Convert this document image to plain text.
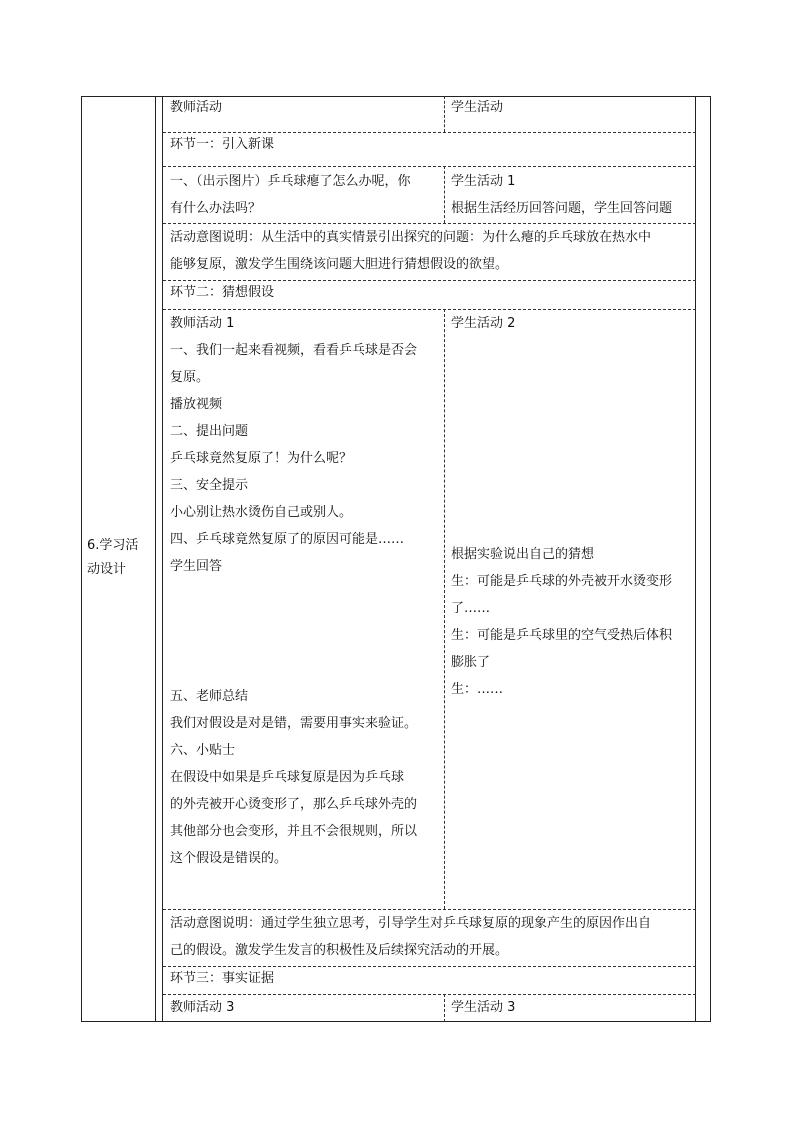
6.学习活动设计
教师活动	学生活动
环节一：引入新课
一、（出示图片）乒乓球瘪了怎么办呢，你
有什么办法吗？
学生活动 1
根据生活经历回答问题，学生回答问题
活动意图说明：从生活中的真实情景引出探究的问题：为什么瘪的乒乓球放在热水中
能够复原，激发学生围绕该问题大胆进行猜想假设的欲望。
环节二：猜想假设
教师活动 1
一、我们一起来看视频，看看乒乓球是否会
复原。
播放视频
二、提出问题
乒乓球竟然复原了！为什么呢？
三、安全提示
小心别让热水烫伤自己或别人。
四、乒乓球竟然复原了的原因可能是……
学生回答
五、老师总结
我们对假设是对是错，需要用事实来验证。
六、小贴士
在假设中如果是乒乓球复原是因为乒乓球
的外壳被开心烫变形了，那么乒乓球外壳的
其他部分也会变形，并且不会很规则，所以
这个假设是错误的。
学生活动 2
根据实验说出自己的猜想
生：可能是乒乓球的外壳被开水烫变形
了……
生：可能是乒乓球里的空气受热后体积
膨胀了
生：……
活动意图说明：通过学生独立思考，引导学生对乒乓球复原的现象产生的原因作出自
己的假设。激发学生发言的积极性及后续探究活动的开展。
环节三：事实证据
教师活动 3	学生活动 3
